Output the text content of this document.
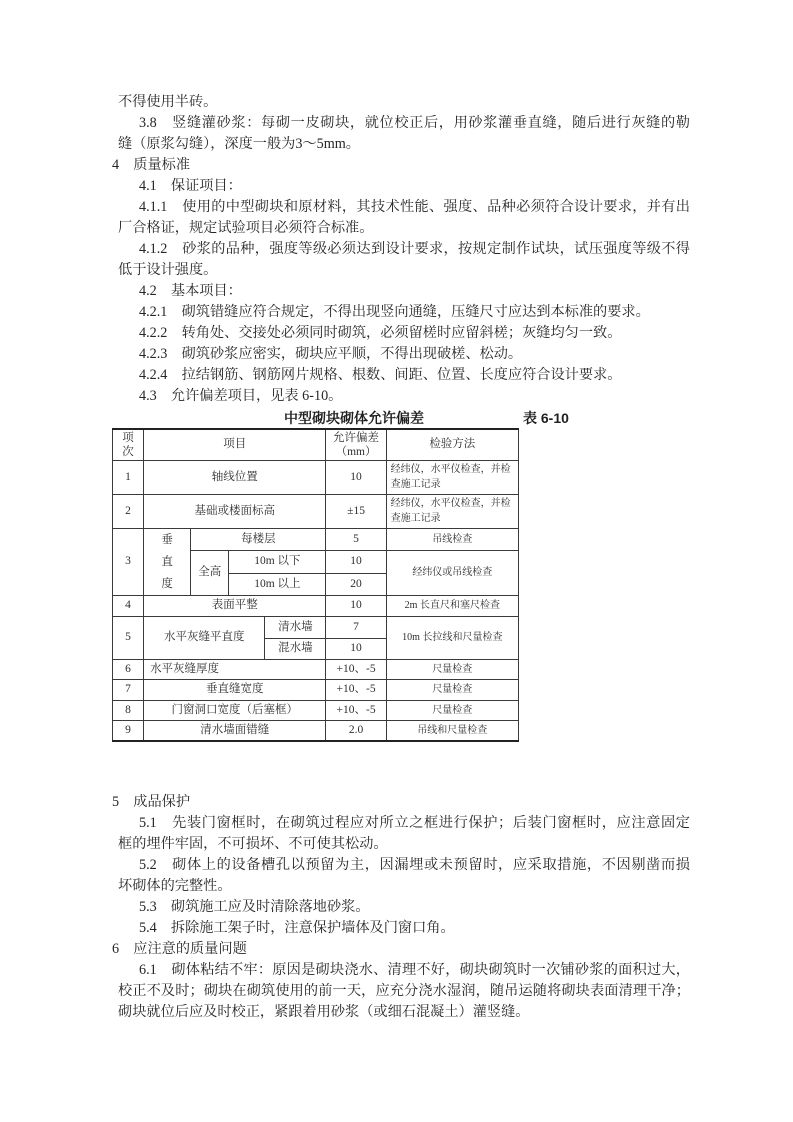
不得使用半砖。
3.8　竖缝灌砂浆：每砌一皮砌块，就位校正后，用砂浆灌垂直缝，随后进行灰缝的勒
缝（原浆勾缝），深度一般为3～5mm。
4　质量标准
4.1　保证项目：
4.1.1　使用的中型砌块和原材料，其技术性能、强度、品种必须符合设计要求，并有出
厂合格证，规定试验项目必须符合标准。
4.1.2　砂浆的品种，强度等级必须达到设计要求，按规定制作试块，试压强度等级不得
低于设计强度。
4.2　基本项目：
4.2.1　砌筑错缝应符合规定，不得出现竖向通缝，压缝尺寸应达到本标准的要求。
4.2.2　转角处、交接处必须同时砌筑，必须留槎时应留斜槎；灰缝均匀一致。
4.2.3　砌筑砂浆应密实，砌块应平顺，不得出现破槎、松动。
4.2.4　拉结钢筋、钢筋网片规格、根数、间距、位置、长度应符合设计要求。
4.3　允许偏差项目，见表 6-10。
中型砌块砌体允许偏差	表 6-10
项
次
	项目	
允许偏差
（mm）
	检验方法
1	轴线位置				10	经纬仪，水平仪检查，并检查施工记录
2	基础或楼面标高				±15	经纬仪，水平仪检查，并检查施工记录
3	垂直度	每楼层			5	吊线检查
		全高	10m 以下		10	经纬仪或吊线检查
			10m 以上		20	
4	表面平整				10	2m 长直尺和塞尺检查
5	水平灰缝平直度			清水墙	7	10m 长拉线和尺量检查
				混水墙	10	
6	水平灰缝厚度				+10、-5	尺量检查
7	垂直缝宽度				+10、-5	尺量检查
8	门窗洞口宽度（后塞框）				+10、-5	尺量检查
9	清水墙面错缝				2.0	吊线和尺量检查
5　成品保护
5.1　先装门窗框时，在砌筑过程应对所立之框进行保护；后装门窗框时，应注意固定
框的埋件牢固，不可损坏、不可使其松动。
5.2　砌体上的设备槽孔以预留为主，因漏埋或未预留时，应采取措施，不因剔凿而损
坏砌体的完整性。
5.3　砌筑施工应及时清除落地砂浆。
5.4　拆除施工架子时，注意保护墙体及门窗口角。
6　应注意的质量问题
6.1　砌体粘结不牢：原因是砌块浇水、清理不好，砌块砌筑时一次铺砂浆的面积过大，
校正不及时；砌块在砌筑使用的前一天，应充分浇水湿润，随吊运随将砌块表面清理干净；
砌块就位后应及时校正，紧跟着用砂浆（或细石混凝土）灌竖缝。
